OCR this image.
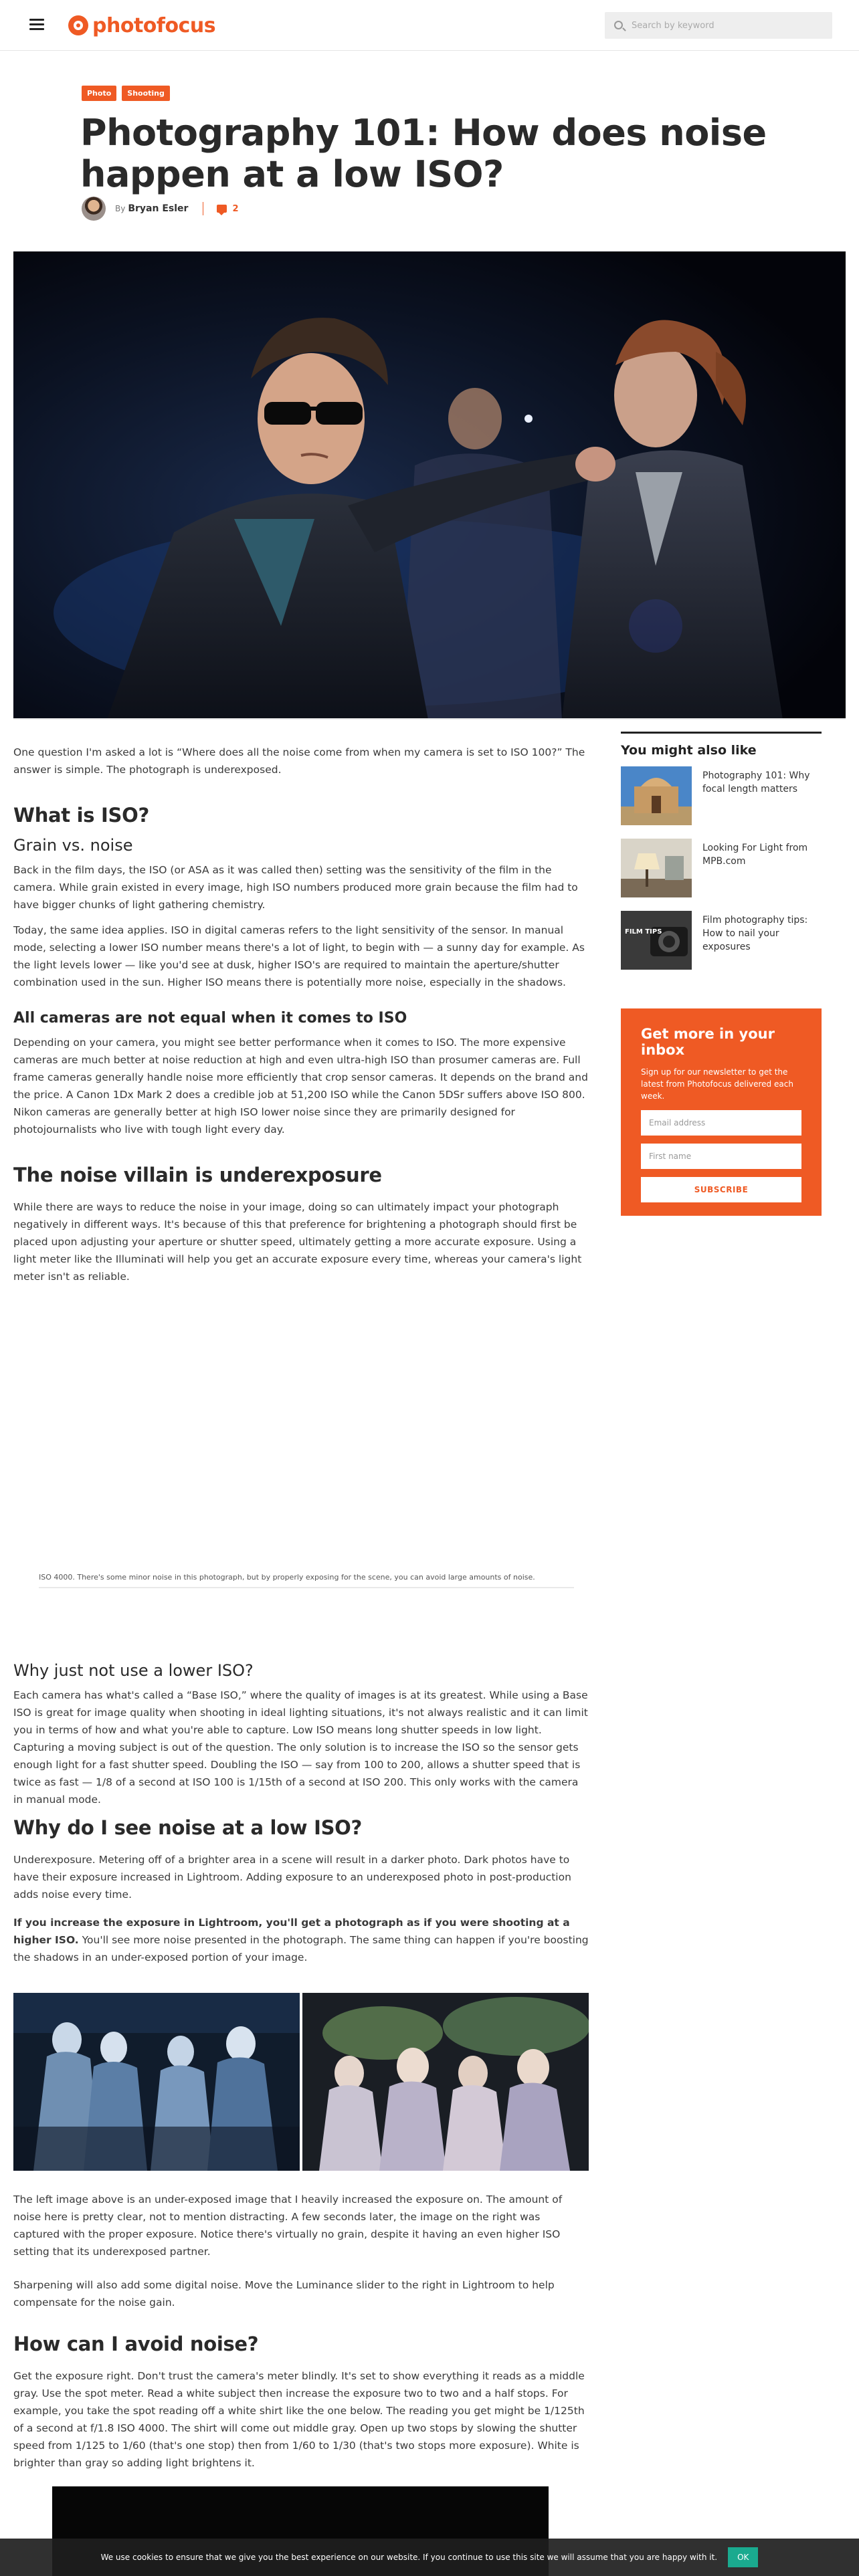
photofocus
Search by keyword
Photo	Shooting
Photography 101: How does noise happen at a low ISO?
By Bryan Esler	2

One question I'm asked a lot is “Where does all the noise come from when my camera is set to ISO 100?” The answer is simple. The photograph is underexposed.

What is ISO?
Grain vs. noise

Back in the film days, the ISO (or ASA as it was called then) setting was the sensitivity of the film in the camera. While grain existed in every image, high ISO numbers produced more grain because the film had to have bigger chunks of light gathering chemistry.

Today, the same idea applies. ISO in digital cameras refers to the light sensitivity of the sensor. In manual mode, selecting a lower ISO number means there's a lot of light, to begin with — a sunny day for example. As the light levels lower — like you'd see at dusk, higher ISO's are required to maintain the aperture/shutter combination used in the sun. Higher ISO means there is potentially more noise, especially in the shadows.

All cameras are not equal when it comes to ISO

Depending on your camera, you might see better performance when it comes to ISO. The more expensive cameras are much better at noise reduction at high and even ultra-high ISO than prosumer cameras are. Full frame cameras generally handle noise more efficiently that crop sensor cameras. It depends on the brand and the price. A Canon 1Dx Mark 2 does a credible job at 51,200 ISO while the Canon 5DSr suffers above ISO 800. Nikon cameras are generally better at high ISO lower noise since they are primarily designed for photojournalists who live with tough light every day.

The noise villain is underexposure

While there are ways to reduce the noise in your image, doing so can ultimately impact your photograph negatively in different ways. It's because of this that preference for brightening a photograph should first be placed upon adjusting your aperture or shutter speed, ultimately getting a more accurate exposure. Using a light meter like the Illuminati will help you get an accurate exposure every time, whereas your camera's light meter isn't as reliable.

ISO 4000. There's some minor noise in this photograph, but by properly exposing for the scene, you can avoid large amounts of noise.

Why just not use a lower ISO?

Each camera has what's called a “Base ISO,” where the quality of images is at its greatest. While using a Base ISO is great for image quality when shooting in ideal lighting situations, it's not always realistic and it can limit you in terms of how and what you're able to capture. Low ISO means long shutter speeds in low light. Capturing a moving subject is out of the question. The only solution is to increase the ISO so the sensor gets enough light for a fast shutter speed. Doubling the ISO — say from 100 to 200, allows a shutter speed that is twice as fast — 1/8 of a second at ISO 100 is 1/15th of a second at ISO 200. This only works with the camera in manual mode.

Why do I see noise at a low ISO?

Underexposure. Metering off of a brighter area in a scene will result in a darker photo. Dark photos have to have their exposure increased in Lightroom. Adding exposure to an underexposed photo in post-production adds noise every time.

If you increase the exposure in Lightroom, you'll get a photograph as if you were shooting at a higher ISO. You'll see more noise presented in the photograph. The same thing can happen if you're boosting the shadows in an under-exposed portion of your image.

The left image above is an under-exposed image that I heavily increased the exposure on. The amount of noise here is pretty clear, not to mention distracting. A few seconds later, the image on the right was captured with the proper exposure. Notice there's virtually no grain, despite it having an even higher ISO setting that its underexposed partner.

Sharpening will also add some digital noise. Move the Luminance slider to the right in Lightroom to help compensate for the noise gain.

How can I avoid noise?

Get the exposure right. Don't trust the camera's meter blindly. It's set to show everything it reads as a middle gray. Use the spot meter. Read a white subject then increase the exposure two to two and a half stops. For example, you take the spot reading off a white shirt like the one below. The reading you get might be 1/125th of a second at f/1.8 ISO 4000. The shirt will come out middle gray. Open up two stops by slowing the shutter speed from 1/125 to 1/60 (that's one stop) then from 1/60 to 1/30 (that's two stops more exposure). White is brighter than gray so adding light brightens it.

You might also like
Photography 101: Why focal length matters
Looking For Light from MPB.com
FILM TIPS
Film photography tips: How to nail your exposures
Get more in your inbox
Sign up for our newsletter to get the latest from Photofocus delivered each week.
Email address
First name
SUBSCRIBE
We use cookies to ensure that we give you the best experience on our website. If you continue to use this site we will assume that you are happy with it.	OK
